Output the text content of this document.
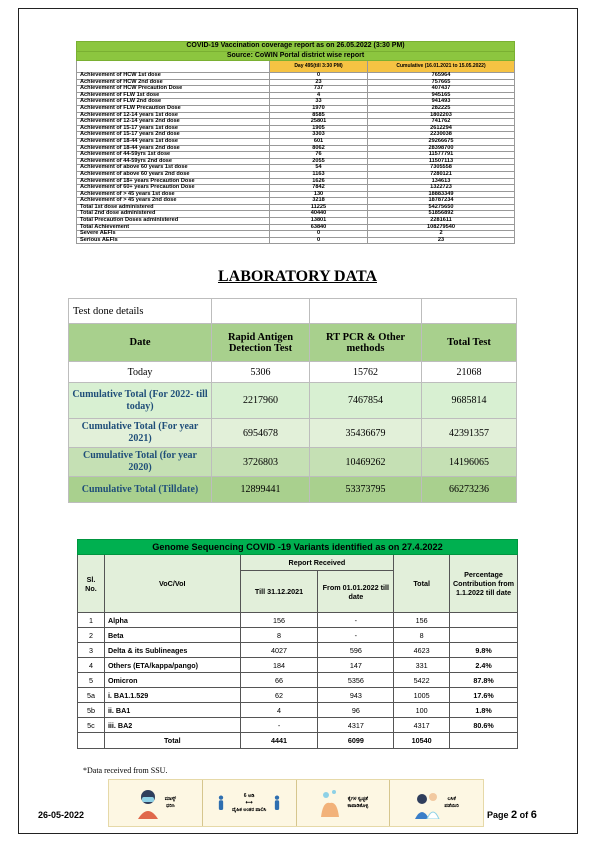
COVID-19 Vaccination coverage report as on 26.05.2022 (3:30 PM)		
Source: CoWIN Portal district wise report		
	Day 495(till 3:30 PM)	Cumulative (16.01.2021 to 15.05.2022)
Achievement of HCW 1st dose	0	765964
Achievement of HCW 2nd dose	23	757665
Achievement of HCW Precaution Dose	737	407437
Achievement of FLW 1st dose	4	945165
Achievement of FLW 2nd dose	33	941493
Achievement of FLW Precaution Dose	1970	282225
Achievement of 12-14 years 1st dose	8585	1802203
Achievement of 12-14 years 2nd dose	25801	741762
Achievement of 15-17 years 1st dose	1905	2612294
Achievement of 15-17 years 2nd dose	3303	2230038
Achievement of 18-44 years 1st dose	601	29266675
Achievement of 18-44 years 2nd dose	8062	28398700
Achievement of 44-59yrs 1st dose	76	11577791
Achievement of 44-59yrs 2nd dose	2055	11507113
Achievement of above 60 years 1st dose	54	7305558
Achievement of above 60 years 2nd dose	1163	7280121
Achievement of 18+ years Precaution Dose	1626	134613
Achievement of 60+ years Precaution Dose	7842	1322723
Achievement of > 45 years 1st dose	130	18883349
Achievement of > 45 years 2nd dose	3218	18787234
Total 1st dose administered	11225	54275650
Total 2nd dose administered	40440	51856892
Total Precaution Doses administered	13801	2281611
Total Achievement	63840	108279540
Severe AEFIs	0	2
Serious AEFIs	0	23
LABORATORY DATA
Test done details			
Date	Rapid Antigen Detection Test	RT PCR & Other methods	Total Test
Today	5306	15762	21068
Cumulative Total (For 2022- till today)	2217960	7467854	9685814
Cumulative Total (For year 2021)	6954678	35436679	42391357
Cumulative Total (for year 2020)	3726803	10469262	14196065
Cumulative Total (Tilldate)	12899441	53373795	66273236
Genome Sequencing COVID -19 Variants identified as on 27.4.2022					
Sl. No.	VoC/VoI	Report Received		Total	Percentage Contribution from 1.1.2022 till date
		Till 31.12.2021	From 01.01.2022 till date		
1	Alpha	156	-	156	
2	Beta	8	-	8	
3	Delta & its Sublineages	4027	596	4623	9.8%
4	Others (ETA/kappa/pango)	184	147	331	2.4%
5	Omicron	66	5356	5422	87.8%
5a	i. BA1.1.529	62	943	1005	17.6%
5b	ii. BA1	4	96	100	1.8%
5c	iii. BA2	-	4317	4317	80.6%
	Total	4441	6099	10540	
*Data received from SSU.
ಮಾಸ್ಕ್
ಧರಿಸಿ
6 ಅಡಿ
⟷
ದೈಹಿಕ ಅಂತರ ಪಾಲಿಸಿ
ಕೈಗಳ ಸ್ವಚ್ಛತೆ
ಕಾಪಾಡಿಕೊಳ್ಳಿ
ಲಸಿಕೆ
ಪಡೆಯಿರಿ
26-05-2022	Page 2 of 6
